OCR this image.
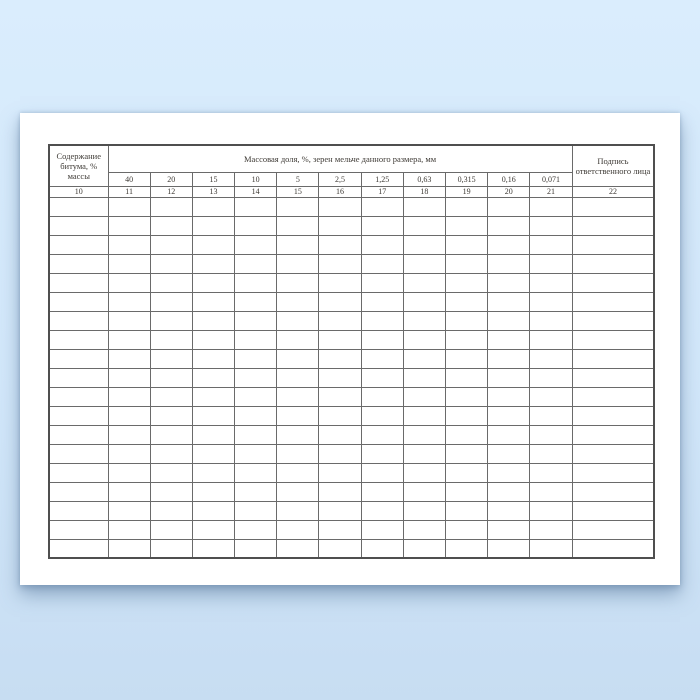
Содержание
битума, %
массы	Массовая доля, %, зерен мельче данного размера, мм											Подпись
ответственного лица

	40	20	15	10	5	2,5	1,25	0,63	0,315	0,16	0,071	
10	11	12	13	14	15	16	17	18	19	20	21	22
